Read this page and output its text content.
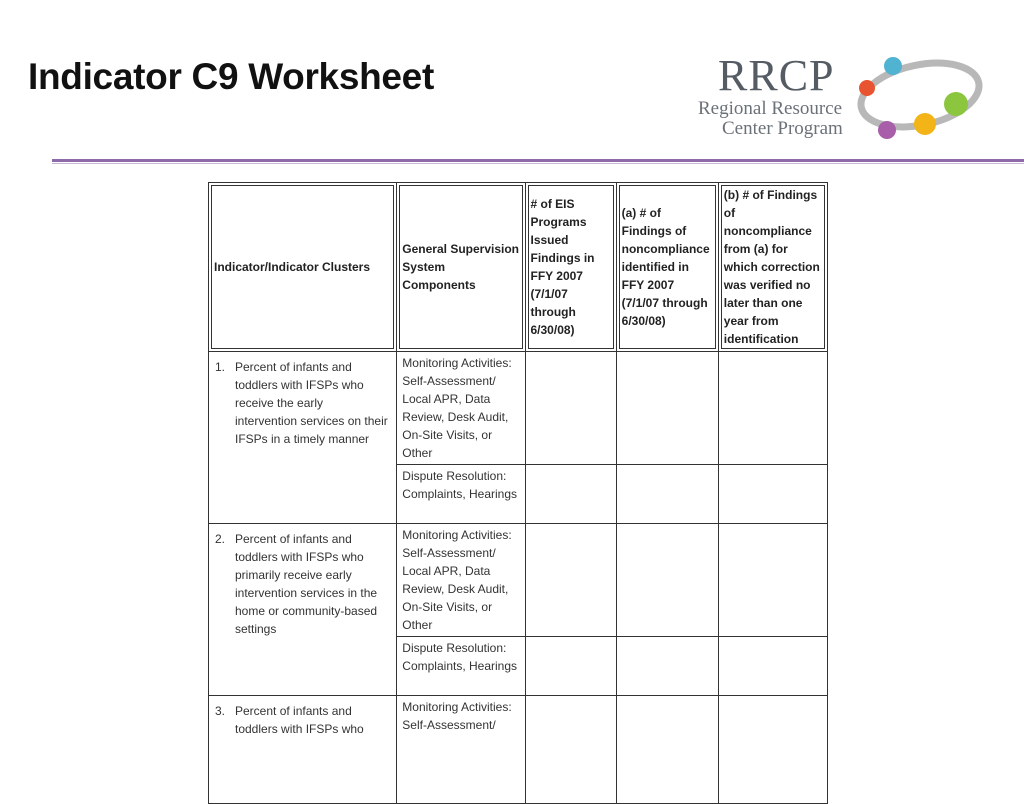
Indicator C9 Worksheet	RRCP
Regional Resource
Center Program
Indicator/Indicator Clusters	General Supervision System Components	# of EIS Programs Issued Findings in FFY 2007 (7/1/07 through 6/30/08)	(a) # of Findings of noncompliance identified in FFY 2007 (7/1/07 through 6/30/08)	(b) # of Findings of noncompliance from (a) for which correction was verified no later than one year from identification

1. Percent of infants and toddlers with IFSPs who receive the early intervention services on their IFSPs in a timely manner	Monitoring Activities: Self-Assessment/ Local APR, Data Review, Desk Audit, On-Site Visits, or Other			
	Dispute Resolution: Complaints, Hearings			

2. Percent of infants and toddlers with IFSPs who primarily receive early intervention services in the home or community-based settings	Monitoring Activities: Self-Assessment/ Local APR, Data Review, Desk Audit, On-Site Visits, or Other			
	Dispute Resolution: Complaints, Hearings			

3. Percent of infants and toddlers with IFSPs who	Monitoring Activities: Self-Assessment/			
